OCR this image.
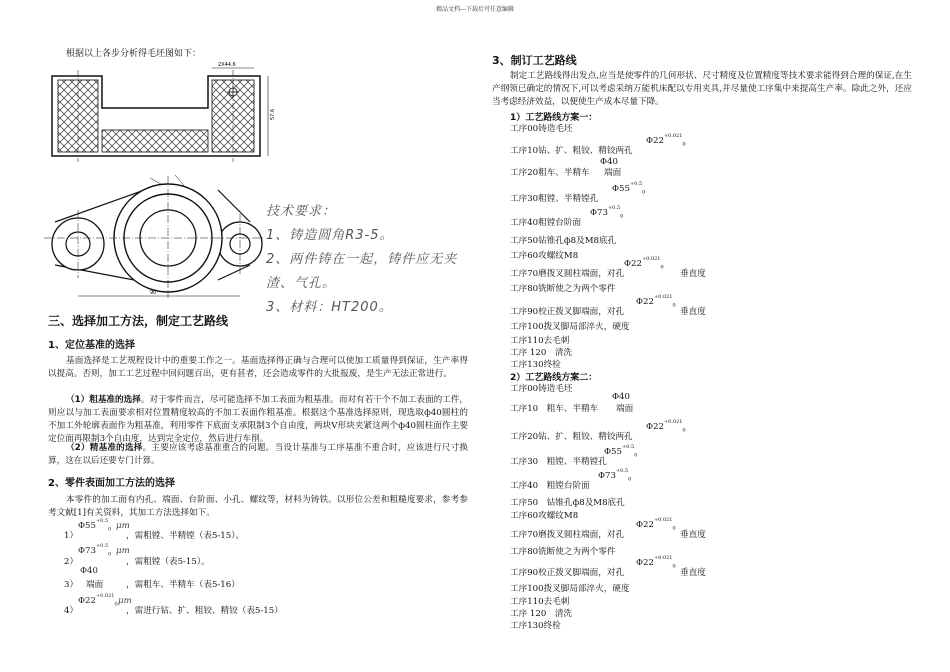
精品文档---下载后可任意编辑
根据以上各步分析得毛坯图如下：
2X44.6
57.6
90
技术要求：
1、铸造圆角R3-5。
2、两件铸在一起，铸件应无夹
渣、气孔。
3、材料：HT200。
三、选择加工方法，制定工艺路线
1、定位基准的选择
基面选择是工艺规程设计中的重要工作之一。基面选择得正确与合理可以使加工质量得到保证，生产率得以提高。否则，加工工艺过程中回问题百出，更有甚者，还会造成零件的大批报废，是生产无法正常进行。
（1）粗基准的选择。对于零件而言，尽可能选择不加工表面为粗基准。而对有若干个不加工表面的工件，则应以与加工表面要求相对位置精度较高的不加工表面作粗基准。根据这个基准选择原则，现选取ф40圆柱的不加工外轮廓表面作为粗基准，利用零件下底面支承限制3个自由度，两块V形块夹紧这两个ф40圆柱面作主要定位面再限制3个自由度，达到完全定位，然后进行车削。
（2）精基准的选择。主要应该考虑基准重合的问题。当设计基准与工序基准不重合时，应该进行尺寸换算，这在以后还要专门计算。
2、零件表面加工方法的选择
本零件的加工面有内孔、端面、台阶面、小孔、螺纹等，材料为铸铁。以形位公差和粗糙度要求，参考参考文献[1]有关资料，其加工方法选择如下。
$\Phi 55^{+0.5}_0$ μm
1）	，需粗镗、半精镗（表5-15）。
$\Phi 73^{+0.5}_0$ μm
2）	，需粗镗（表5-15）。
Φ40
3） 端面	，需粗车、半精车（表5-16）
$\Phi 22^{+0.021}_0$ μm
4）	，需进行钻、扩、粗铰、精铰（表5-15）
3、制订工艺路线
制定工艺路线得出发点,应当是使零件的几何形状、尺寸精度及位置精度等技术要求能得到合理的保证,在生产纲领已确定的情况下,可以考虑采纳万能机床配以专用夹具,并尽量使工序集中来提高生产率。除此之外，还应当考虑经济效益，以便使生产成本尽量下降。
1）工艺路线方案一：
工序00铸造毛坯
$\Phi 22^{+0.021}_0$
工序10钻、扩、粗铰、精铰两孔
Φ40
工序20粗车、半精车 端面
$\Phi 55^{+0.5}_0$
工序30粗镗、半精镗孔
$\Phi 73^{+0.5}_0$
工序40粗镗台阶面
工序50钻锥孔ф8及M8底孔
工序60攻螺纹M8
$\Phi 22^{+0.021}_0$
工序70磨拨叉圆柱端面，对孔	垂直度
工序80铣断使之为两个零件
$\Phi 22^{+0.021}_0$
工序90校正拨叉脚端面，对孔	垂直度
工序100拨叉脚局部淬火，硬度
工序110去毛刺
工序 120　清洗
工序130终检
2）工艺路线方案二：
工序00铸造毛坯
Φ40
工序10　粗车、半精车 端面
$\Phi 22^{+0.021}_0$
工序20钻、扩、粗铰、精铰两孔
$\Phi 55^{+0.5}_0$
工序30　粗镗、半精镗孔
$\Phi 73^{+0.5}_0$
工序40　粗镗台阶面
工序50　钻锥孔ф8及M8底孔
工序60攻螺纹M8
$\Phi 22^{+0.021}_0$
工序70磨拨叉圆柱端面，对孔	垂直度
工序80铣断使之为两个零件
$\Phi 22^{+0.021}_0$
工序90校正拨叉脚端面，对孔	垂直度
工序100拨叉脚局部淬火，硬度
工序110去毛刺
工序 120　清洗
工序130终检
